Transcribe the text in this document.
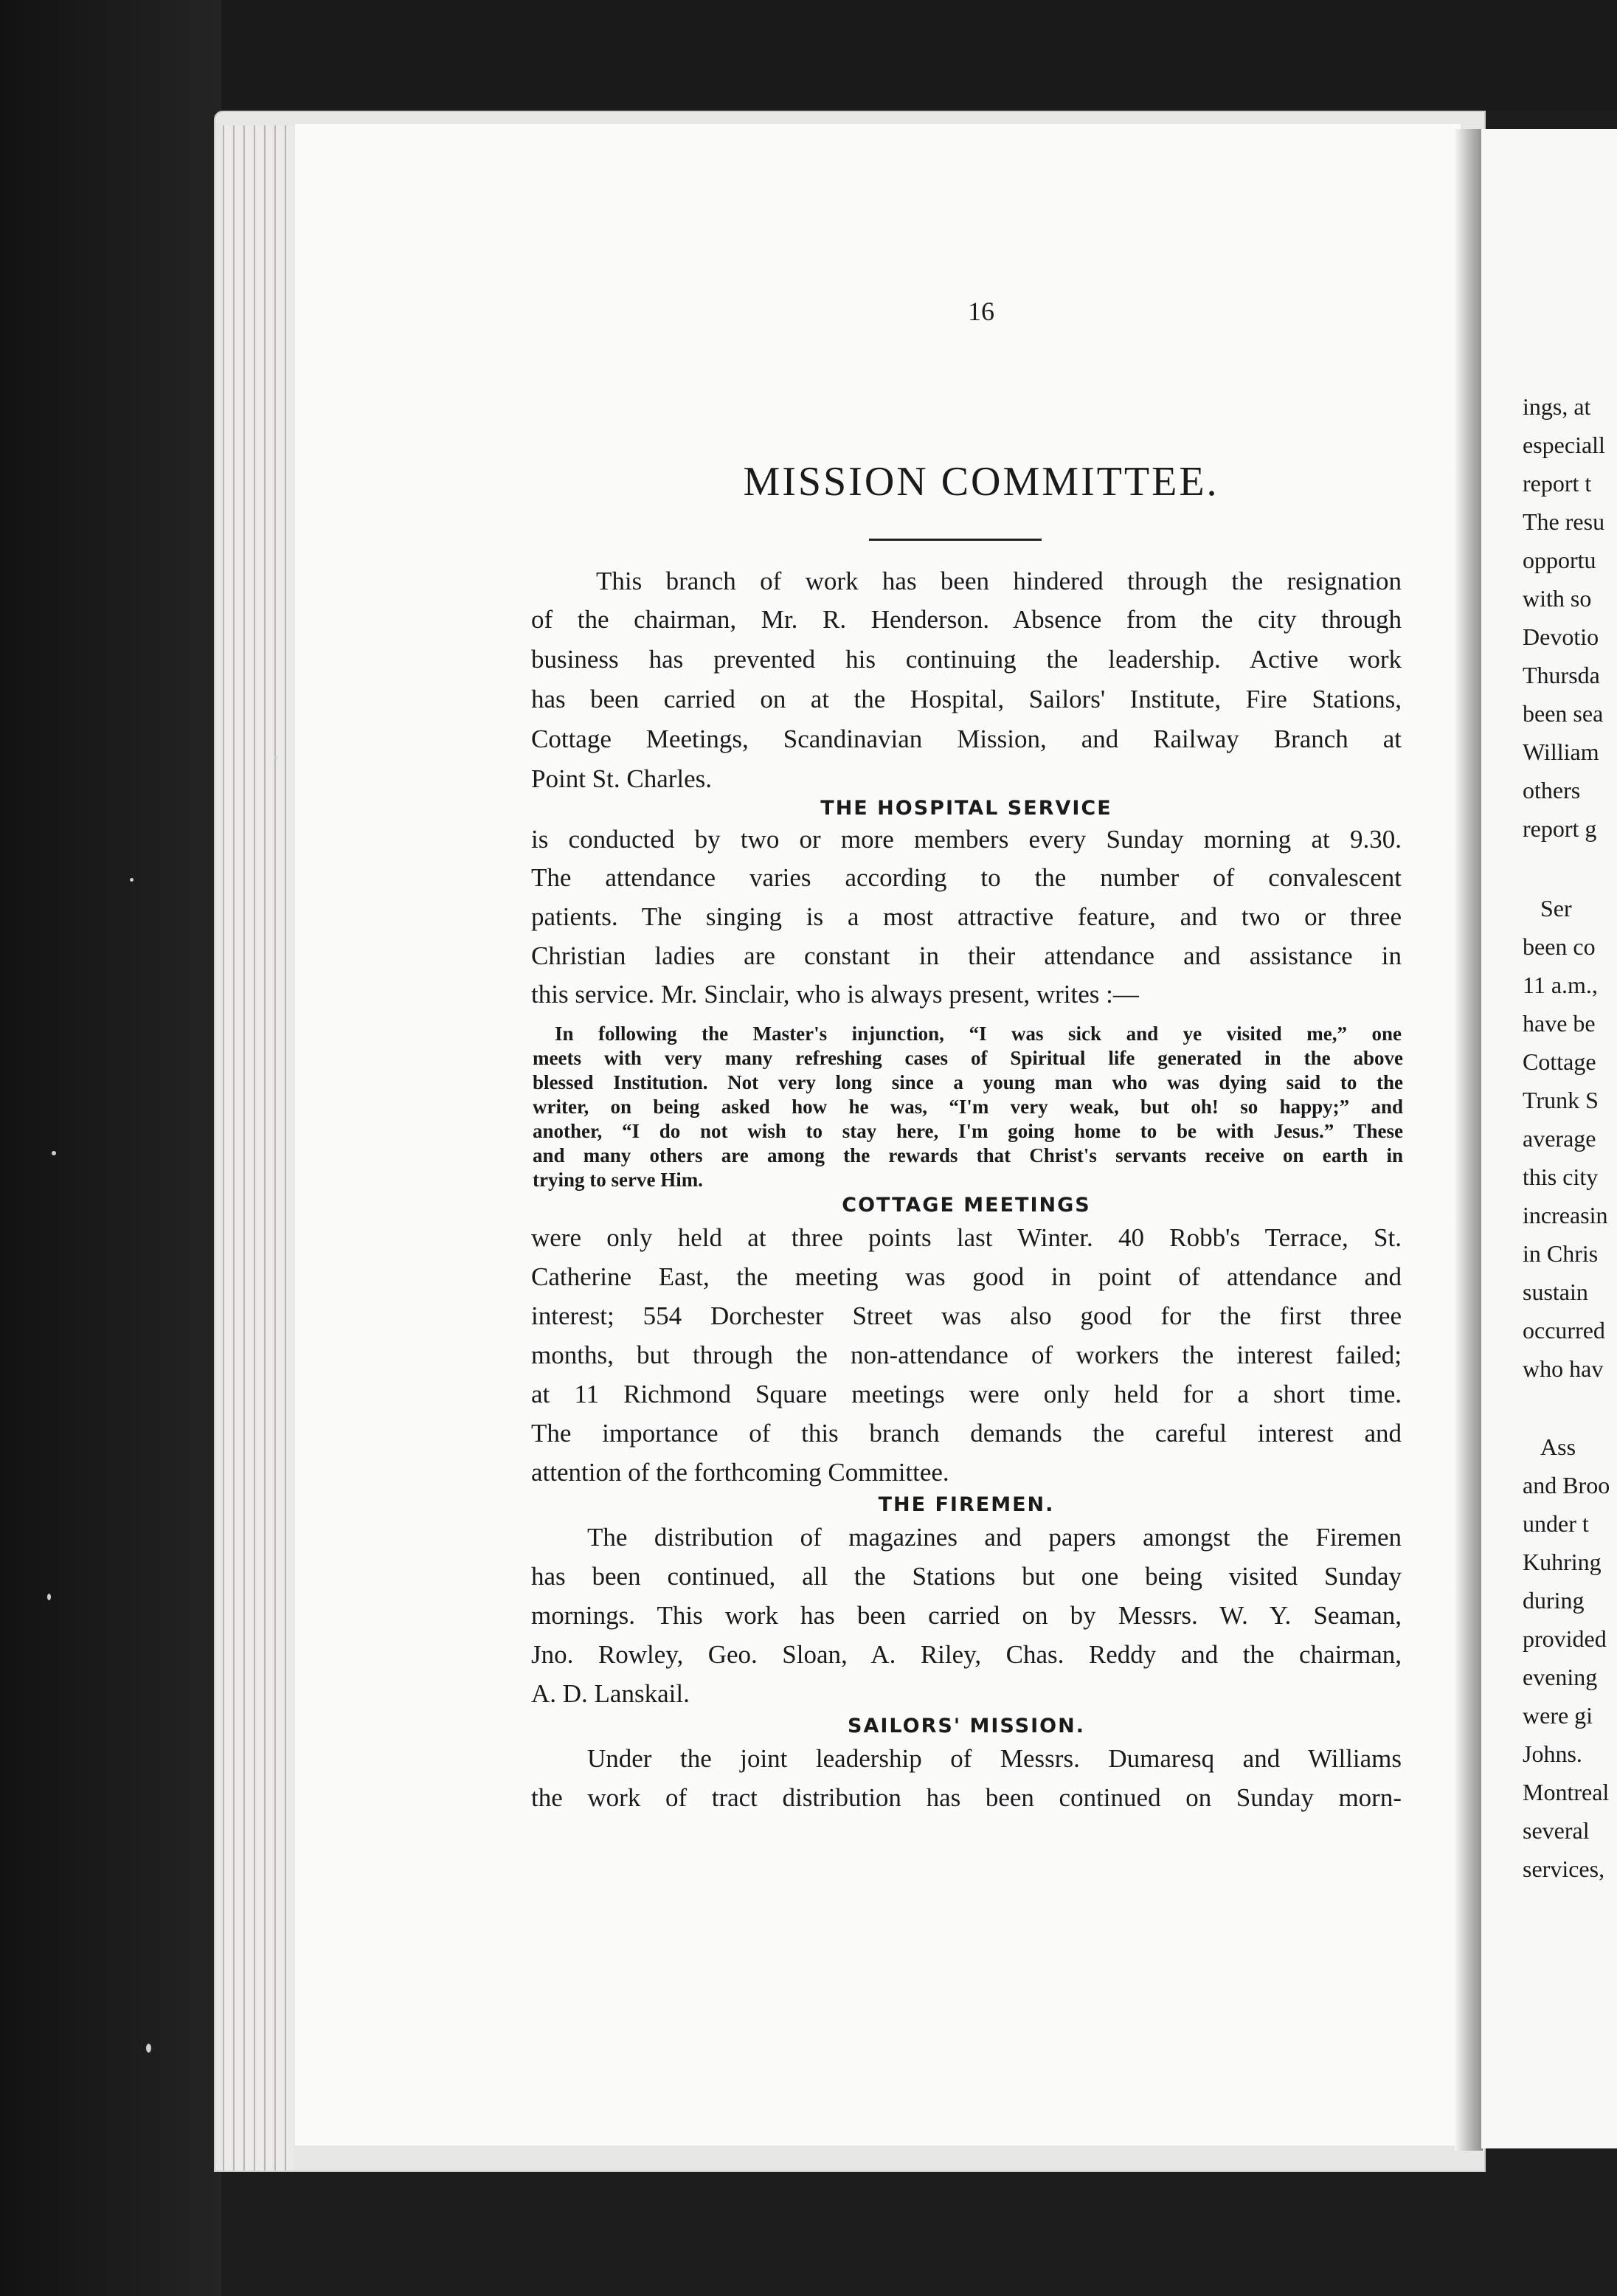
ings, at
especiall
report t
The resu
opportu
with so
Devotio
Thursda
been sea
William
others
report g
Ser
been co
11 a.m.,
have be
Cottage
Trunk S
average
this city
increasin
in Chris
sustain
occurred
who hav
Ass
and Broo
under t
Kuhring
during
provided
evening
were gi
Johns.
Montreal
several
services,
16
MISSION COMMITTEE.
This branch of work has been hindered through the resignation
of the chairman, Mr. R. Henderson. Absence from the city through
business has prevented his continuing the leadership. Active work
has been carried on at the Hospital, Sailors' Institute, Fire Stations,
Cottage Meetings, Scandinavian Mission, and Railway Branch at
Point St. Charles.
THE HOSPITAL SERVICE
is conducted by two or more members every Sunday morning at 9.30.
The attendance varies according to the number of convalescent
patients. The singing is a most attractive feature, and two or three
Christian ladies are constant in their attendance and assistance in
this service. Mr. Sinclair, who is always present, writes :—
In following the Master's injunction, “I was sick and ye visited me,” one
meets with very many refreshing cases of Spiritual life generated in the above
blessed Institution. Not very long since a young man who was dying said to the
writer, on being asked how he was, “I'm very weak, but oh! so happy;” and
another, “I do not wish to stay here, I'm going home to be with Jesus.” These
and many others are among the rewards that Christ's servants receive on earth in
trying to serve Him.
COTTAGE MEETINGS
were only held at three points last Winter. 40 Robb's Terrace, St.
Catherine East, the meeting was good in point of attendance and
interest; 554 Dorchester Street was also good for the first three
months, but through the non-attendance of workers the interest failed;
at 11 Richmond Square meetings were only held for a short time.
The importance of this branch demands the careful interest and
attention of the forthcoming Committee.
THE FIREMEN.
The distribution of magazines and papers amongst the Firemen
has been continued, all the Stations but one being visited Sunday
mornings. This work has been carried on by Messrs. W. Y. Seaman,
Jno. Rowley, Geo. Sloan, A. Riley, Chas. Reddy and the chairman,
A. D. Lanskail.
SAILORS' MISSION.
Under the joint leadership of Messrs. Dumaresq and Williams
the work of tract distribution has been continued on Sunday morn-
